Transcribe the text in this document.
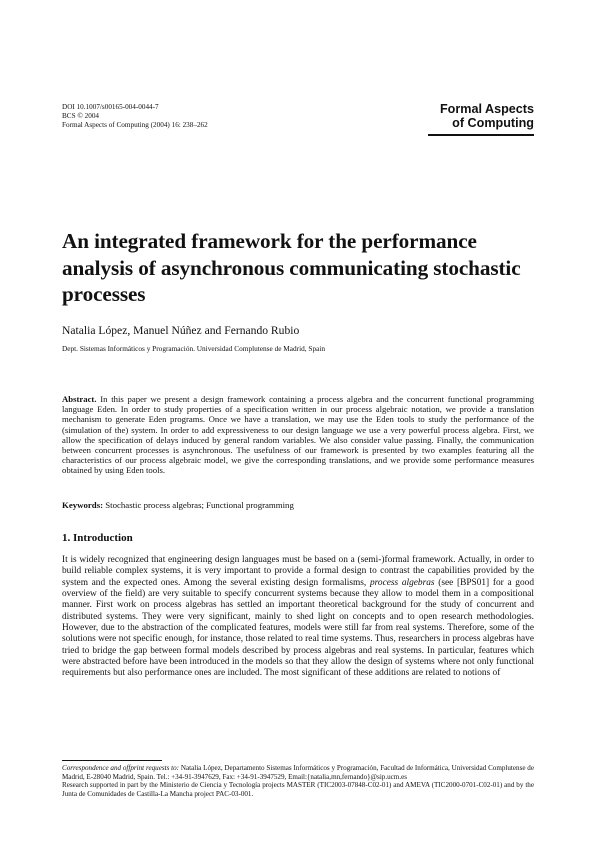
DOI 10.1007/s00165-004-0044-7
BCS © 2004
Formal Aspects of Computing (2004) 16: 238–262
Formal Aspects
of Computing
An integrated framework for the performance analysis of asynchronous communicating stochastic processes
Natalia López, Manuel Núñez and Fernando Rubio
Dept. Sistemas Informáticos y Programación. Universidad Complutense de Madrid, Spain

Abstract. In this paper we present a design framework containing a process algebra and the concurrent functional programming language Eden. In order to study properties of a specification written in our process algebraic notation, we provide a translation mechanism to generate Eden programs. Once we have a translation, we may use the Eden tools to study the performance of the (simulation of the) system. In order to add expressiveness to our design language we use a very powerful process algebra. First, we allow the specification of delays induced by general random variables. We also consider value passing. Finally, the communication between concurrent processes is asynchronous. The usefulness of our framework is presented by two examples featuring all the characteristics of our process algebraic model, we give the corresponding translations, and we provide some performance measures obtained by using Eden tools.

Keywords: Stochastic process algebras; Functional programming
1. Introduction

It is widely recognized that engineering design languages must be based on a (semi-)formal framework. Actually, in order to build reliable complex systems, it is very important to provide a formal design to contrast the capabilities provided by the system and the expected ones. Among the several existing design formalisms, process algebras (see [BPS01] for a good overview of the field) are very suitable to specify concurrent systems because they allow to model them in a compositional manner. First work on process algebras has settled an important theoretical background for the study of concurrent and distributed systems. They were very significant, mainly to shed light on concepts and to open research methodologies. However, due to the abstraction of the complicated features, models were still far from real systems. Therefore, some of the solutions were not specific enough, for instance, those related to real time systems. Thus, researchers in process algebras have tried to bridge the gap between formal models described by process algebras and real systems. In particular, features which were abstracted before have been introduced in the models so that they allow the design of systems where not only functional requirements but also performance ones are included. The most significant of these additions are related to notions of

Correspondence and offprint requests to: Natalia López, Departamento Sistemas Informáticos y Programación, Facultad de Informática, Universidad Complutense de Madrid, E-28040 Madrid, Spain. Tel.: +34-91-3947629, Fax: +34-91-3947529, Email:{natalia,mn,fernando}@sip.ucm.es

Research supported in part by the Ministerio de Ciencia y Tecnología projects MASTER (TIC2003-07848-C02-01) and AMEVA (TIC2000-0701-C02-01) and by the Junta de Comunidades de Castilla-La Mancha project PAC-03-001.
